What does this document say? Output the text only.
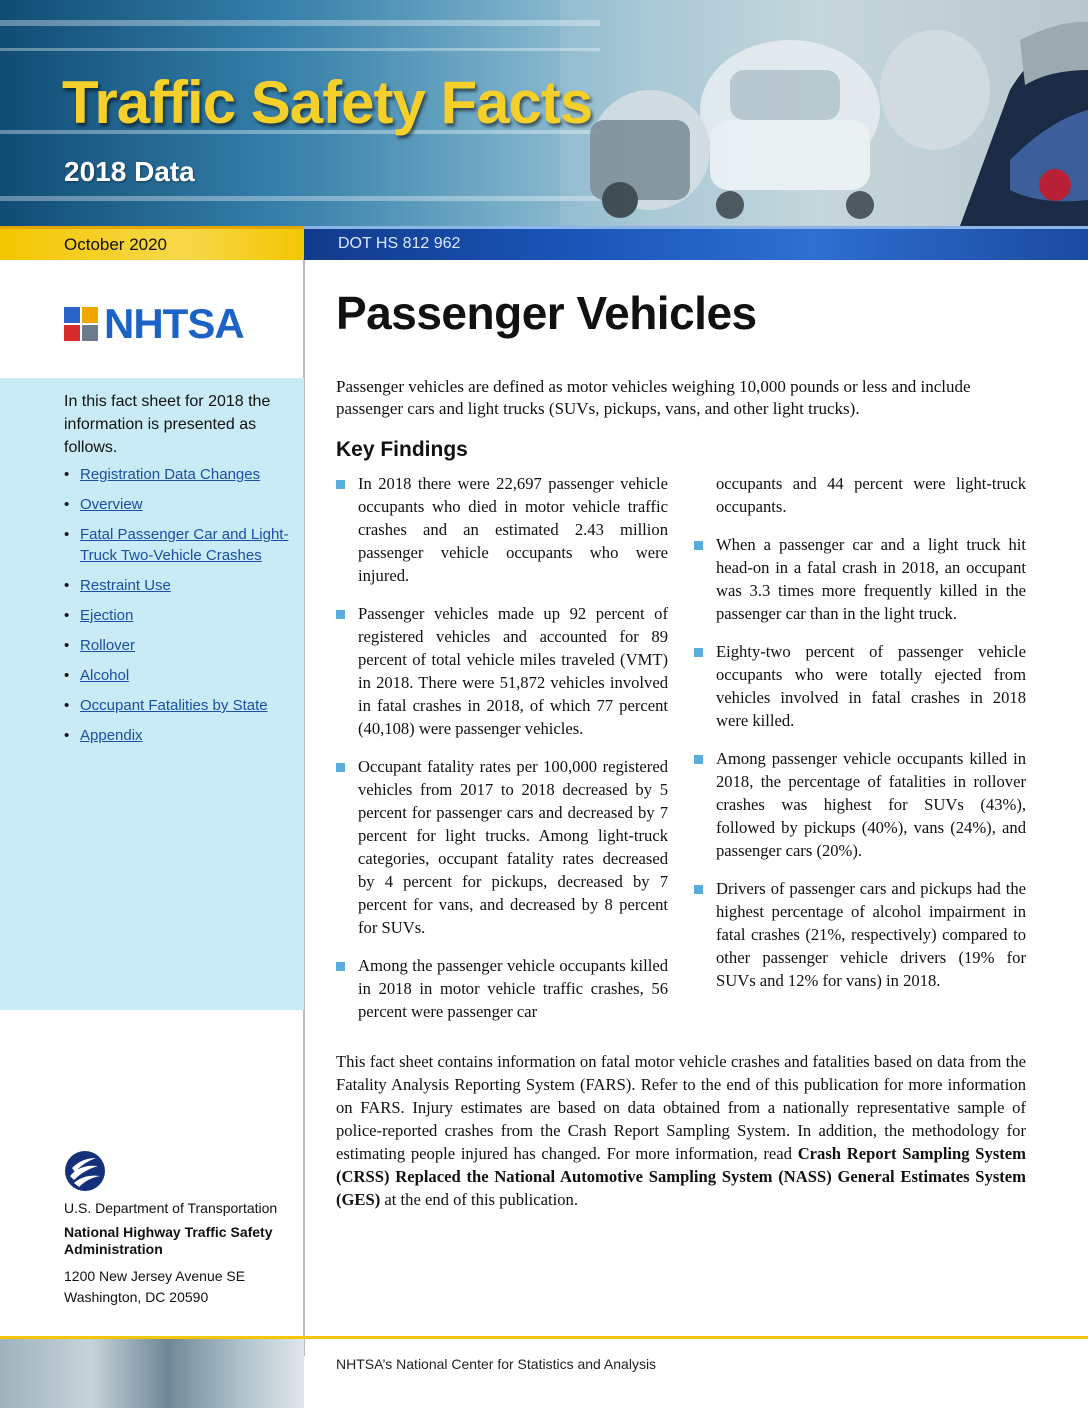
Traffic Safety Facts
2018 Data
October 2020	DOT HS 812 962
NHTSA

In this fact sheet for 2018 the information is presented as follows.

• Registration Data Changes
• Overview
• Fatal Passenger Car and Light-Truck Two-Vehicle Crashes
• Restraint Use
• Ejection
• Rollover
• Alcohol
• Occupant Fatalities by State
• Appendix
U.S. Department of Transportation
National Highway Traffic Safety Administration
1200 New Jersey Avenue SE
Washington, DC 20590
Passenger Vehicles

Passenger vehicles are defined as motor vehicles weighing 10,000 pounds or less and include passenger cars and light trucks (SUVs, pickups, vans, and other light trucks).

Key Findings
In 2018 there were 22,697 passenger vehicle occupants who died in motor vehicle traffic crashes and an estimated 2.43 million passenger vehicle occupants who were injured.
Passenger vehicles made up 92 percent of registered vehicles and accounted for 89 percent of total vehicle miles traveled (VMT) in 2018. There were 51,872 vehicles involved in fatal crashes in 2018, of which 77 percent (40,108) were passenger vehicles.
Occupant fatality rates per 100,000 registered vehicles from 2017 to 2018 decreased by 5 percent for passenger cars and decreased by 7 percent for light trucks. Among light-truck categories, occupant fatality rates decreased by 4 percent for pickups, decreased by 7 percent for vans, and decreased by 8 percent for SUVs.
Among the passenger vehicle occupants killed in 2018 in motor vehicle traffic crashes, 56 percent were passenger car
occupants and 44 percent were light-truck occupants.
When a passenger car and a light truck hit head-on in a fatal crash in 2018, an occupant was 3.3 times more frequently killed in the passenger car than in the light truck.
Eighty-two percent of passenger vehicle occupants who were totally ejected from vehicles involved in fatal crashes in 2018 were killed.
Among passenger vehicle occupants killed in 2018, the percentage of fatalities in rollover crashes was highest for SUVs (43%), followed by pickups (40%), vans (24%), and passenger cars (20%).
Drivers of passenger cars and pickups had the highest percentage of alcohol impairment in fatal crashes (21%, respectively) compared to other passenger vehicle drivers (19% for SUVs and 12% for vans) in 2018.

This fact sheet contains information on fatal motor vehicle crashes and fatalities based on data from the Fatality Analysis Reporting System (FARS). Refer to the end of this publication for more information on FARS. Injury estimates are based on data obtained from a nationally representative sample of police-reported crashes from the Crash Report Sampling System. In addition, the methodology for estimating people injured has changed. For more information, read Crash Report Sampling System (CRSS) Replaced the National Automotive Sampling System (NASS) General Estimates System (GES) at the end of this publication.

NHTSA’s National Center for Statistics and Analysis
